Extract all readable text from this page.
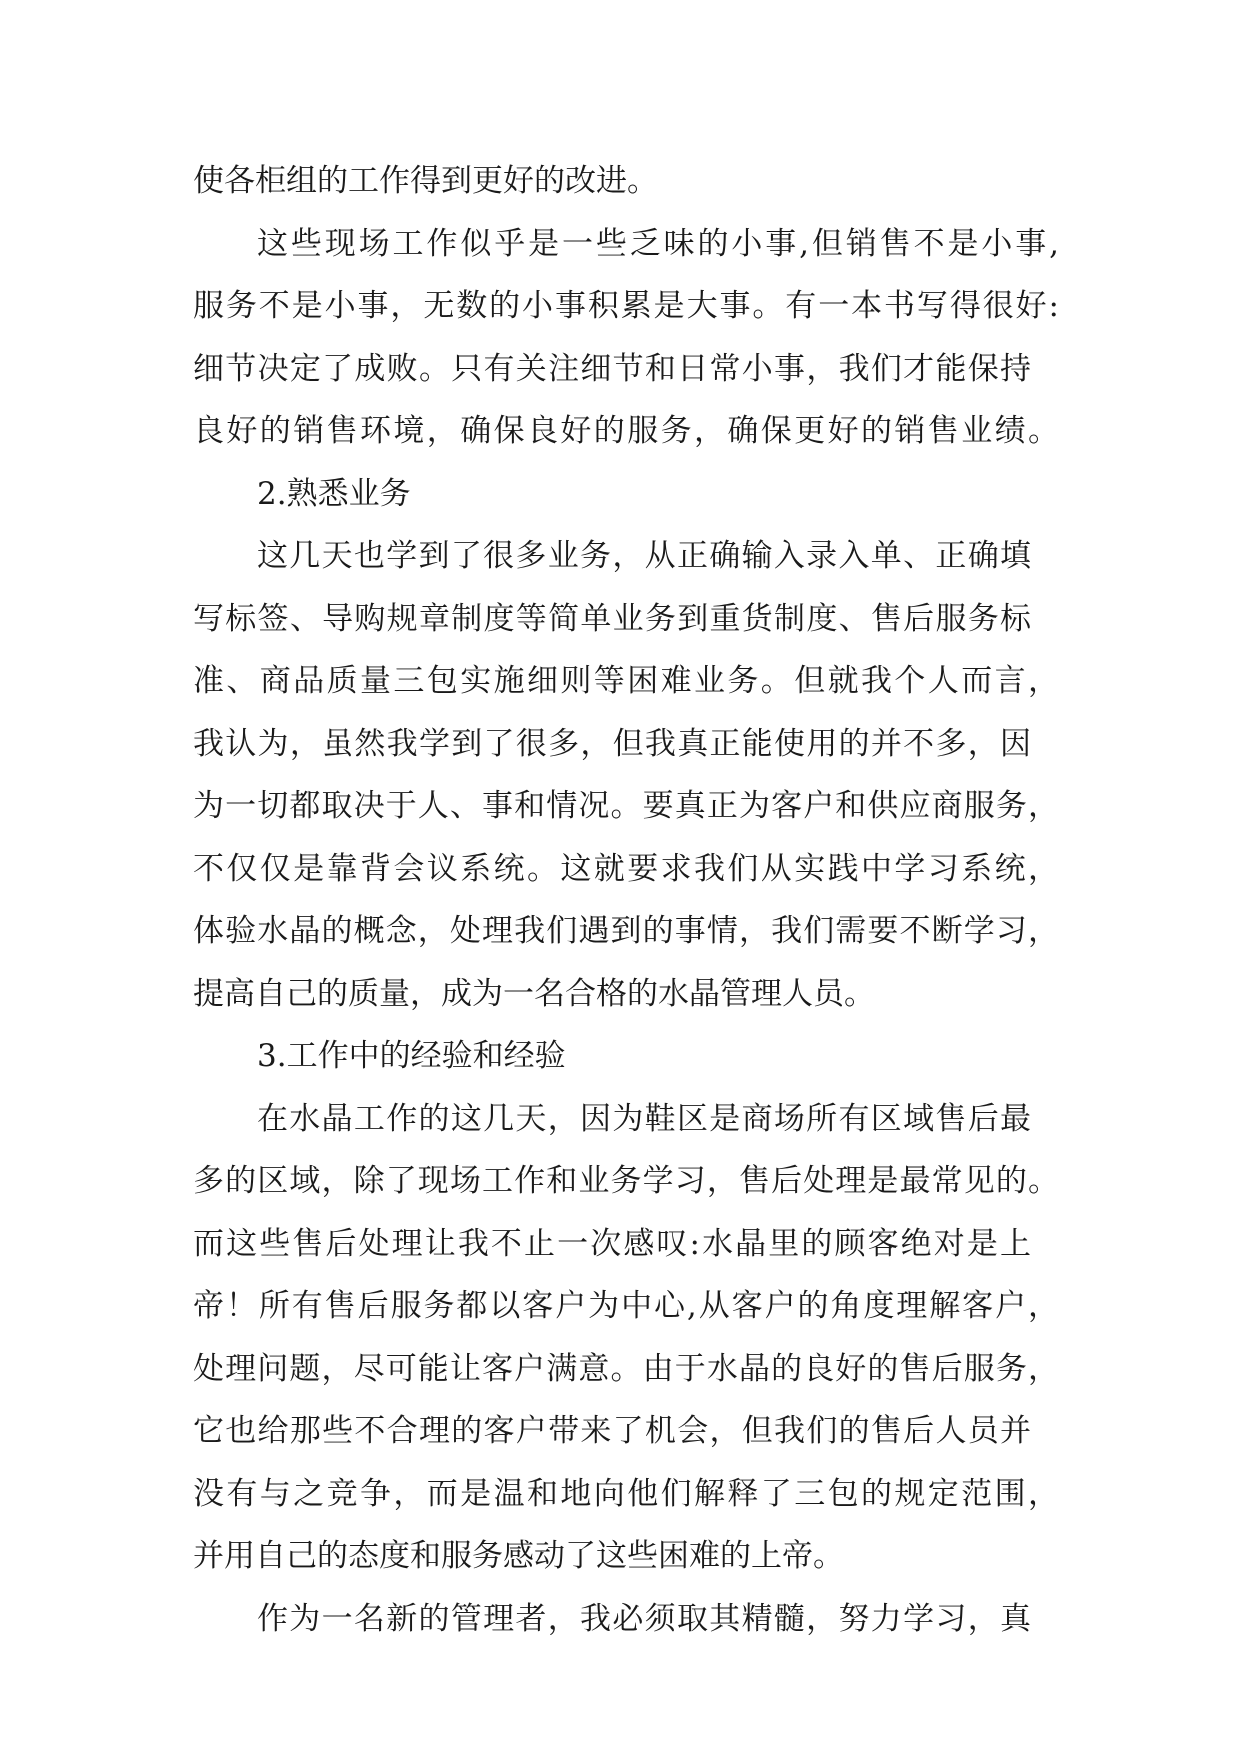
使各柜组的工作得到更好的改进。
这些现场工作似乎是一些乏味的小事,但销售不是小事,
服务不是小事，无数的小事积累是大事。有一本书写得很好:
细节决定了成败。只有关注细节和日常小事，我们才能保持
良好的销售环境，确保良好的服务，确保更好的销售业绩。
2.熟悉业务
这几天也学到了很多业务，从正确输入录入单、正确填
写标签、导购规章制度等简单业务到重货制度、售后服务标
准、商品质量三包实施细则等困难业务。但就我个人而言，
我认为，虽然我学到了很多，但我真正能使用的并不多，因
为一切都取决于人、事和情况。要真正为客户和供应商服务，
不仅仅是靠背会议系统。这就要求我们从实践中学习系统，
体验水晶的概念，处理我们遇到的事情，我们需要不断学习，
提高自己的质量，成为一名合格的水晶管理人员。
3.工作中的经验和经验
在水晶工作的这几天，因为鞋区是商场所有区域售后最
多的区域，除了现场工作和业务学习，售后处理是最常见的。
而这些售后处理让我不止一次感叹:水晶里的顾客绝对是上
帝！所有售后服务都以客户为中心,从客户的角度理解客户，
处理问题，尽可能让客户满意。由于水晶的良好的售后服务，
它也给那些不合理的客户带来了机会，但我们的售后人员并
没有与之竞争，而是温和地向他们解释了三包的规定范围，
并用自己的态度和服务感动了这些困难的上帝。
作为一名新的管理者，我必须取其精髓，努力学习，真
